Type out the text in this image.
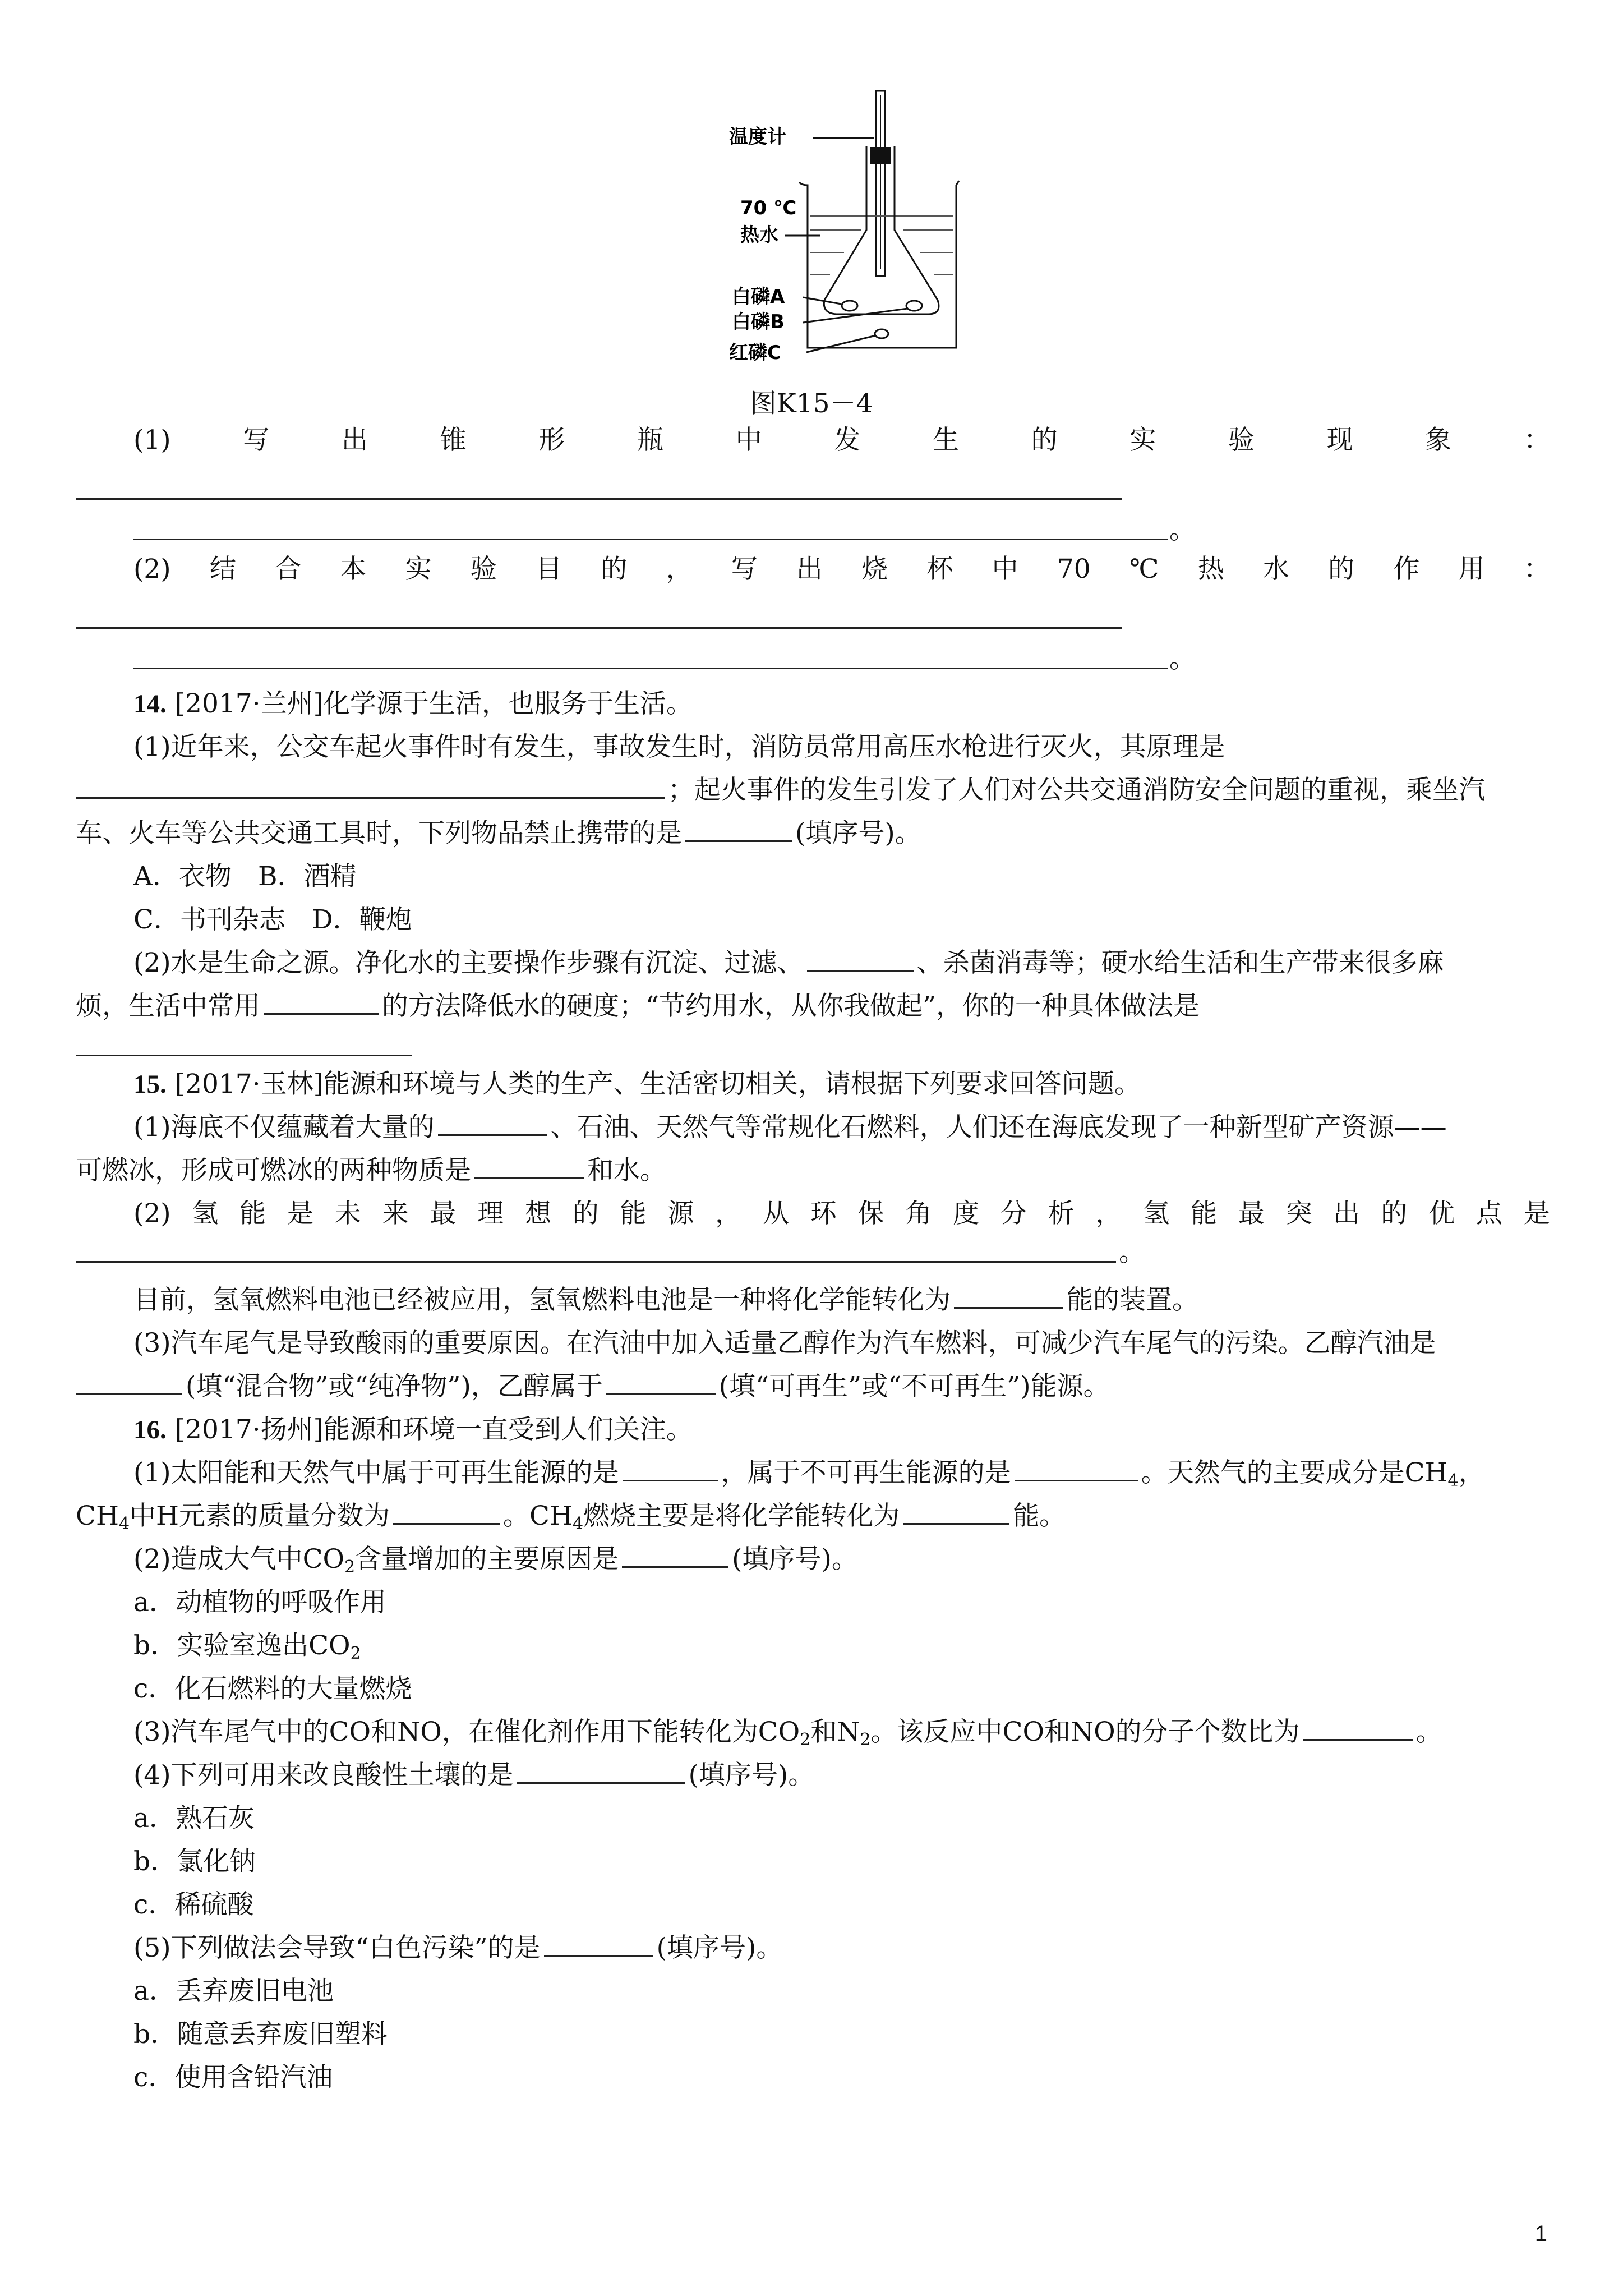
温度计
70 ℃
热水
白磷A
白磷B
红磷C
图K15－4
(1)	写	出	锥	形	瓶	中	发	生	的	实	验	现	象	：
。
(2) 结 合 本 实 验 目 的 ， 写 出 烧 杯 中 70 ℃ 热 水 的 作 用 ：
。
14. [2017·兰州]化学源于生活，也服务于生活。
(1)近年来，公交车起火事件时有发生，事故发生时，消防员常用高压水枪进行灭火，其原理是
；起火事件的发生引发了人们对公共交通消防安全问题的重视，乘坐汽
车、火车等公共交通工具时，下列物品禁止携带的是	(填序号)。
A．衣物　B．酒精
C．书刊杂志　D．鞭炮
(2)水是生命之源。净化水的主要操作步骤有沉淀、过滤、	、杀菌消毒等；硬水给生活和生产带来很多麻
烦，生活中常用	的方法降低水的硬度；“节约用水，从你我做起”，你的一种具体做法是
15. [2017·玉林]能源和环境与人类的生产、生活密切相关，请根据下列要求回答问题。
(1)海底不仅蕴藏着大量的	、石油、天然气等常规化石燃料，人们还在海底发现了一种新型矿产资源——
可燃冰，形成可燃冰的两种物质是	和水。
(2) 氢 能 是 未 来 最 理 想 的 能 源 ， 从 环 保 角 度 分 析 ， 氢 能 最 突 出 的 优 点 是
。
目前，氢氧燃料电池已经被应用，氢氧燃料电池是一种将化学能转化为	能的装置。
(3)汽车尾气是导致酸雨的重要原因。在汽油中加入适量乙醇作为汽车燃料，可减少汽车尾气的污染。乙醇汽油是
(填“混合物”或“纯净物”)，乙醇属于	(填“可再生”或“不可再生”)能源。
16. [2017·扬州]能源和环境一直受到人们关注。
(1)太阳能和天然气中属于可再生能源的是	，属于不可再生能源的是	。天然气的主要成分是$CH_4$，
$CH_4$中H元素的质量分数为	。$CH_4$燃烧主要是将化学能转化为	能。
(2)造成大气中$CO_2$含量增加的主要原因是	(填序号)。
a．动植物的呼吸作用
b．实验室逸出$CO_2$
c．化石燃料的大量燃烧
(3)汽车尾气中的CO和NO，在催化剂作用下能转化为$CO_2$和$N_2$。该反应中CO和NO的分子个数比为	。
(4)下列可用来改良酸性土壤的是	(填序号)。
a．熟石灰
b．氯化钠
c．稀硫酸
(5)下列做法会导致“白色污染”的是	(填序号)。
a．丢弃废旧电池
b．随意丢弃废旧塑料
c．使用含铅汽油
1
